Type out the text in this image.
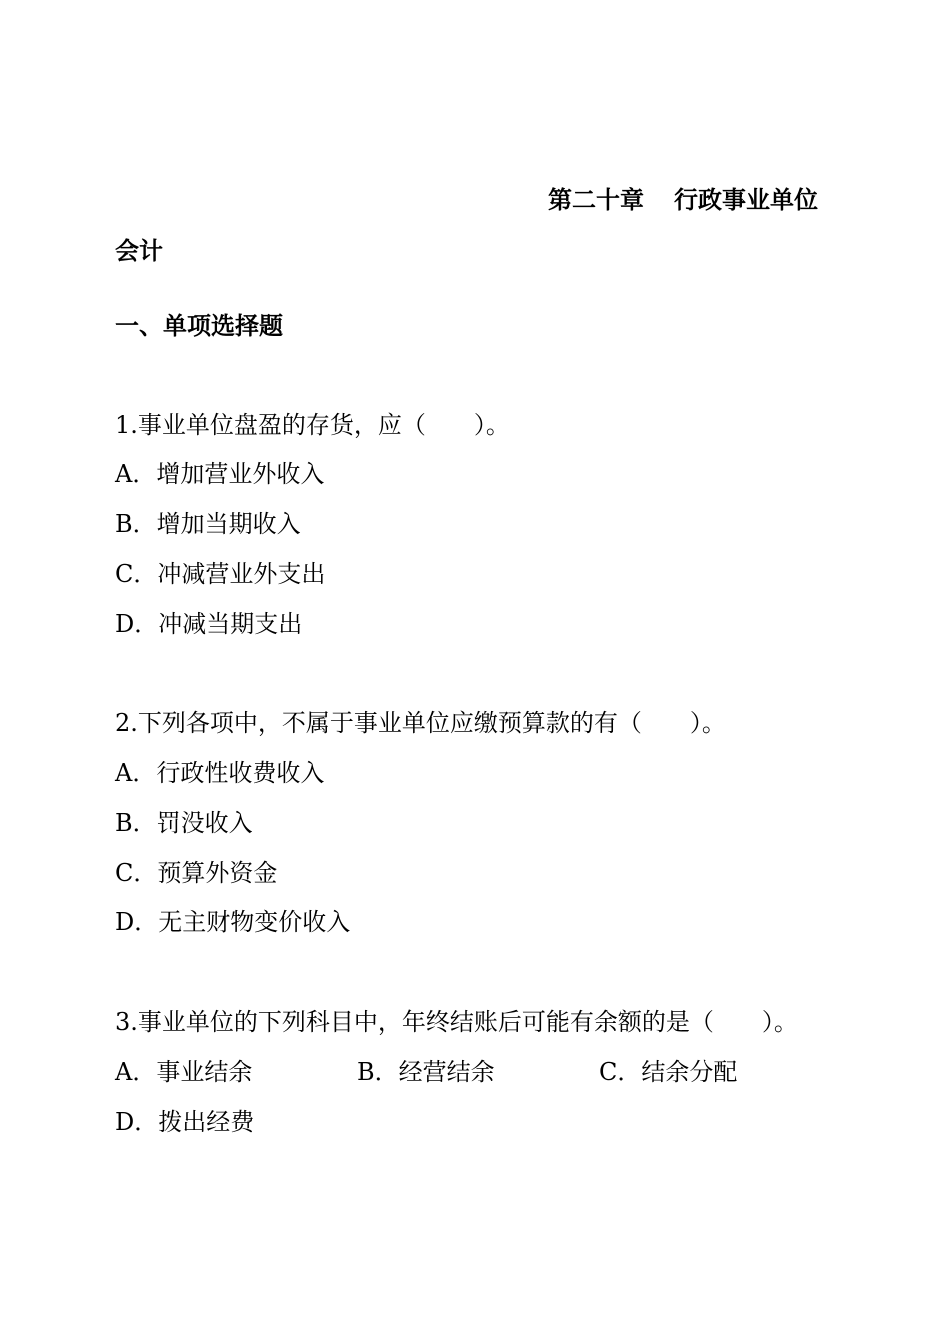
第二十章 行政事业单位
会计
一、单项选择题
1.事业单位盘盈的存货，应（　　）。
A．增加营业外收入
B．增加当期收入
C．冲减营业外支出
D．冲减当期支出
2.下列各项中，不属于事业单位应缴预算款的有（　　）。
A．行政性收费收入
B．罚没收入
C．预算外资金
D．无主财物变价收入
3.事业单位的下列科目中，年终结账后可能有余额的是（　　）。
A．事业结余	B．经营结余	C．结余分配
D．拨出经费
